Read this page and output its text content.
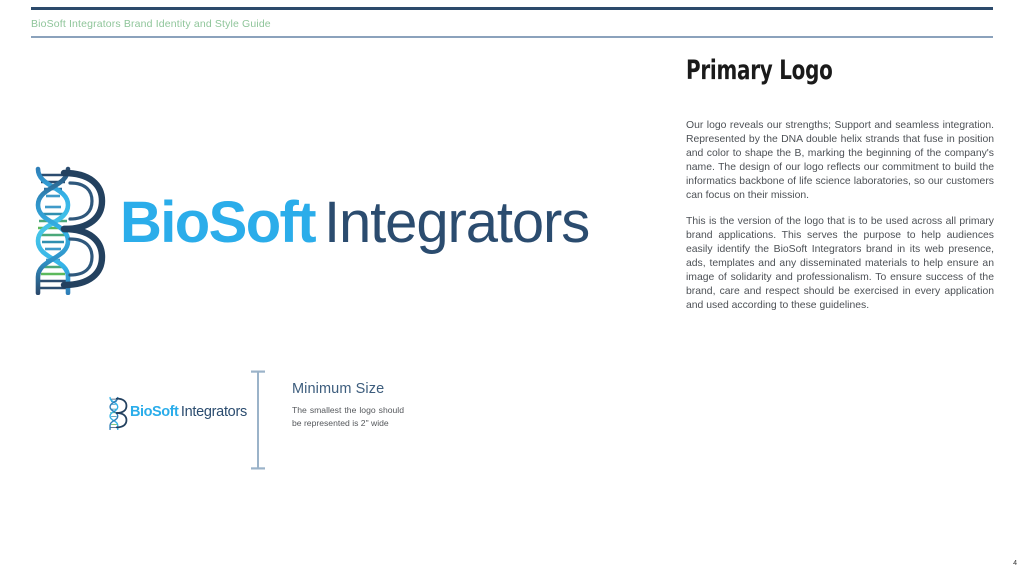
BioSoft Integrators Brand Identity and Style Guide
BioSoft Integrators
BioSoft Integrators
Minimum Size

The smallest the logo should be represented is 2" wide

Primary Logo

Our logo reveals our strengths; Support and seamless integration. Represented by the DNA double helix strands that fuse in position and color to shape the B, marking the beginning of the company's name. The design of our logo reflects our commitment to build the informatics backbone of life science laboratories, so our customers can focus on their mission.

This is the version of the logo that is to be used across all primary brand applications. This serves the purpose to help audiences easily identify the BioSoft Integrators brand in its web presence, ads, templates and any disseminated materials to help ensure an image of solidarity and professionalism. To ensure success of the brand, care and respect should be exercised in every application and used according to these guidelines.

4
